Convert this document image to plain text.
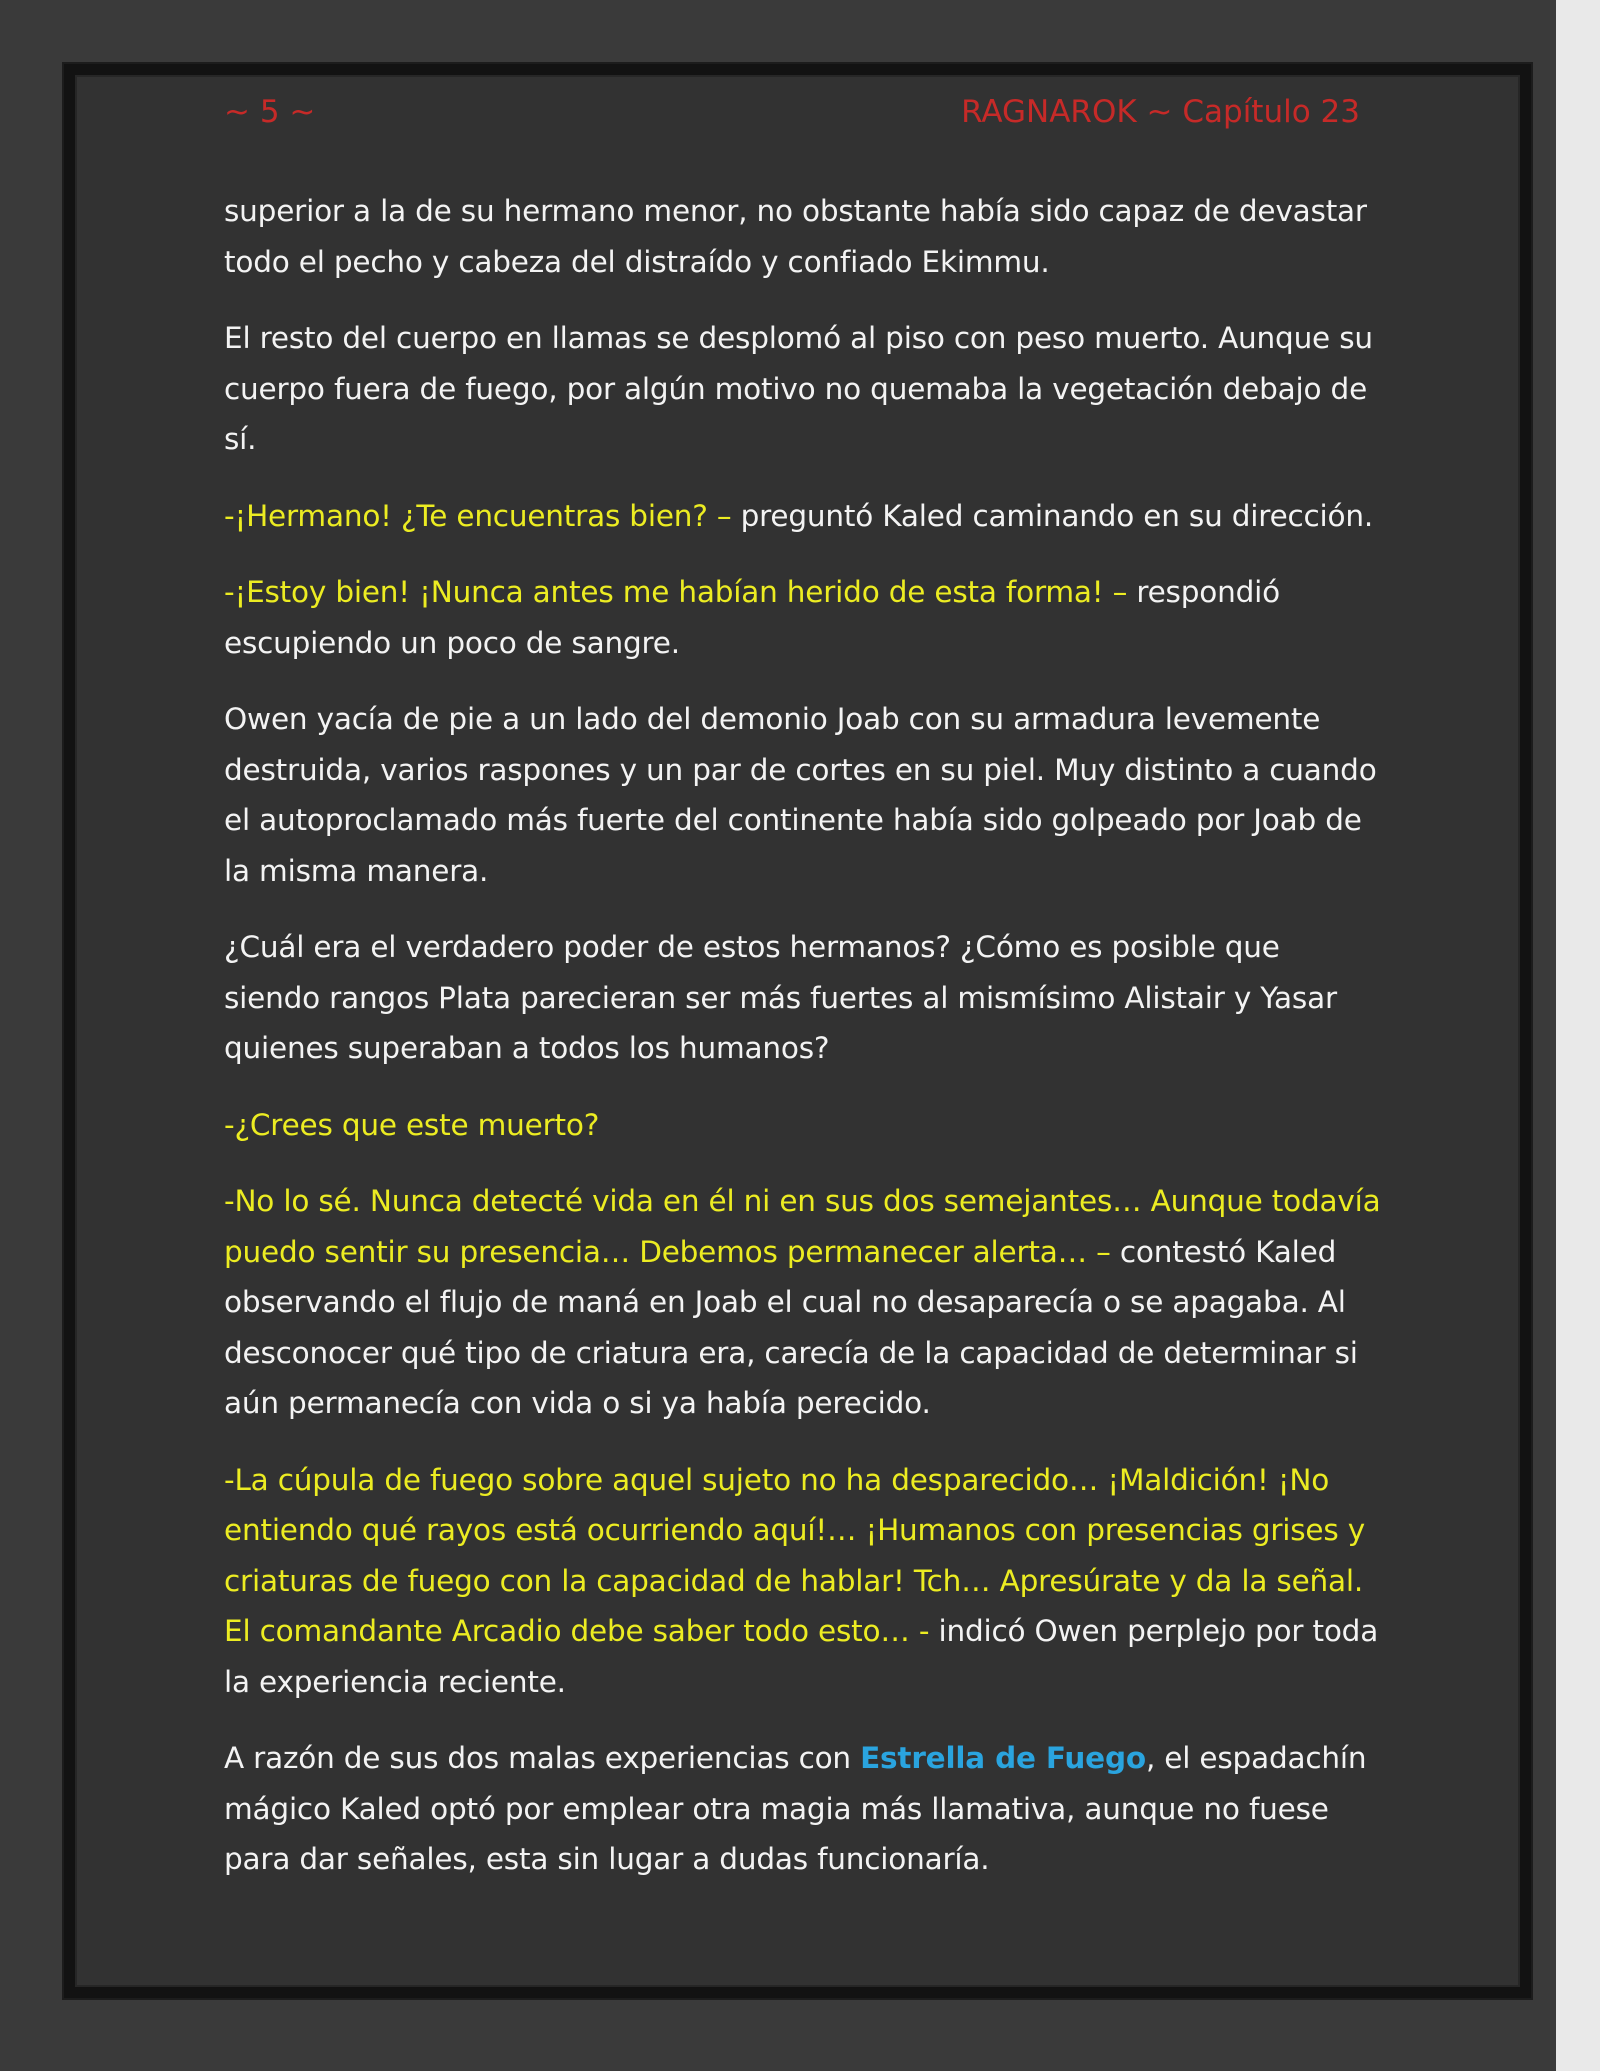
~ 5 ~	RAGNAROK ~ Capítulo 23

superior a la de su hermano menor, no obstante había sido capaz de devastar todo el pecho y cabeza del distraído y confiado Ekimmu.

El resto del cuerpo en llamas se desplomó al piso con peso muerto. Aunque su cuerpo fuera de fuego, por algún motivo no quemaba la vegetación debajo de sí.

-¡Hermano! ¿Te encuentras bien? – preguntó Kaled caminando en su dirección.

-¡Estoy bien! ¡Nunca antes me habían herido de esta forma! – respondió escupiendo un poco de sangre.

Owen yacía de pie a un lado del demonio Joab con su armadura levemente destruida, varios raspones y un par de cortes en su piel. Muy distinto a cuando el autoproclamado más fuerte del continente había sido golpeado por Joab de la misma manera.

¿Cuál era el verdadero poder de estos hermanos? ¿Cómo es posible que siendo rangos Plata parecieran ser más fuertes al mismísimo Alistair y Yasar quienes superaban a todos los humanos?

-¿Crees que este muerto?

-No lo sé. Nunca detecté vida en él ni en sus dos semejantes… Aunque todavía puedo sentir su presencia… Debemos permanecer alerta… – contestó Kaled observando el flujo de maná en Joab el cual no desaparecía o se apagaba. Al desconocer qué tipo de criatura era, carecía de la capacidad de determinar si aún permanecía con vida o si ya había perecido.

-La cúpula de fuego sobre aquel sujeto no ha desparecido… ¡Maldición! ¡No entiendo qué rayos está ocurriendo aquí!… ¡Humanos con presencias grises y criaturas de fuego con la capacidad de hablar! Tch… Apresúrate y da la señal. El comandante Arcadio debe saber todo esto… - indicó Owen perplejo por toda la experiencia reciente.

A razón de sus dos malas experiencias con Estrella de Fuego, el espadachín mágico Kaled optó por emplear otra magia más llamativa, aunque no fuese para dar señales, esta sin lugar a dudas funcionaría.
